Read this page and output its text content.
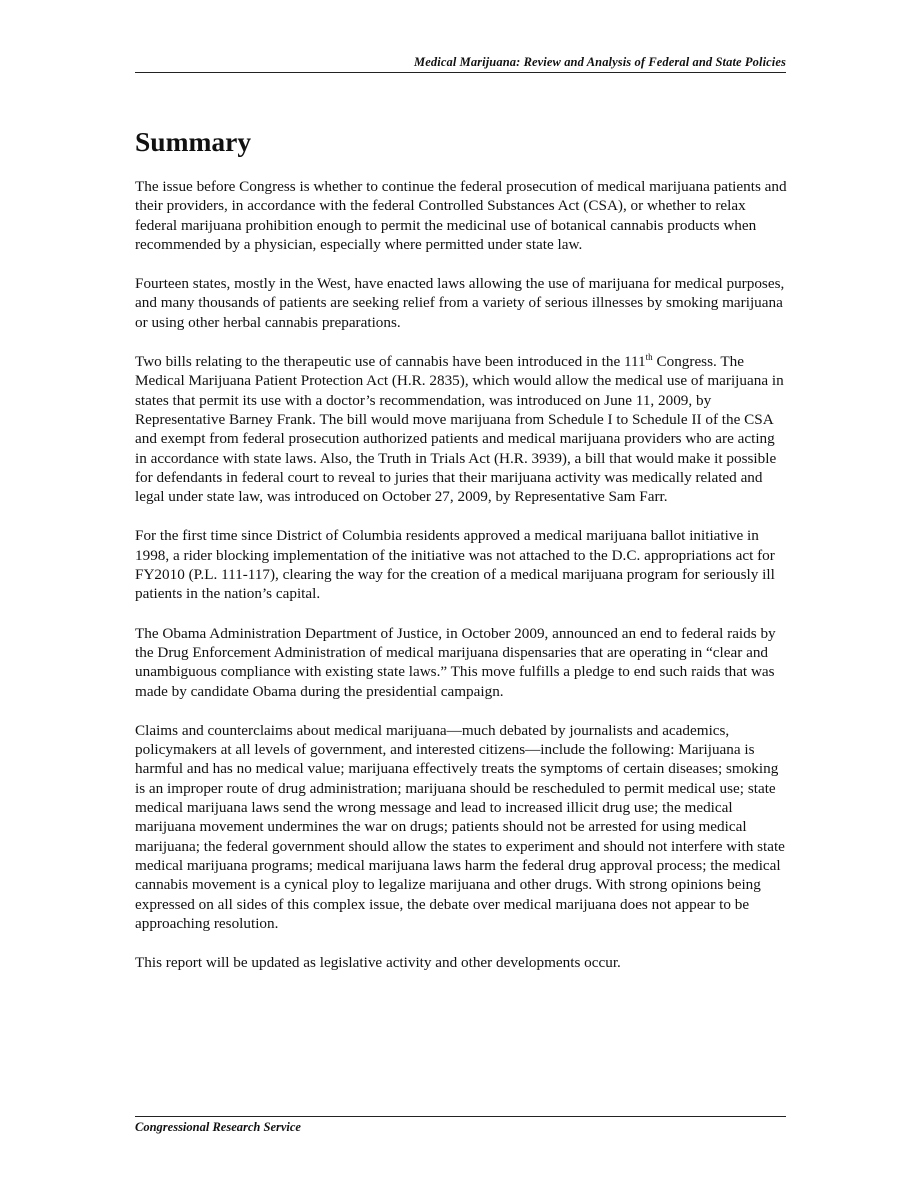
Medical Marijuana: Review and Analysis of Federal and State Policies
Summary

The issue before Congress is whether to continue the federal prosecution of medical marijuana patients and their providers, in accordance with the federal Controlled Substances Act (CSA), or whether to relax federal marijuana prohibition enough to permit the medicinal use of botanical cannabis products when recommended by a physician, especially where permitted under state law.

Fourteen states, mostly in the West, have enacted laws allowing the use of marijuana for medical purposes, and many thousands of patients are seeking relief from a variety of serious illnesses by smoking marijuana or using other herbal cannabis preparations.

Two bills relating to the therapeutic use of cannabis have been introduced in the 111th Congress. The Medical Marijuana Patient Protection Act (H.R. 2835), which would allow the medical use of marijuana in states that permit its use with a doctor’s recommendation, was introduced on June 11, 2009, by Representative Barney Frank. The bill would move marijuana from Schedule I to Schedule II of the CSA and exempt from federal prosecution authorized patients and medical marijuana providers who are acting in accordance with state laws. Also, the Truth in Trials Act (H.R. 3939), a bill that would make it possible for defendants in federal court to reveal to juries that their marijuana activity was medically related and legal under state law, was introduced on October 27, 2009, by Representative Sam Farr.

For the first time since District of Columbia residents approved a medical marijuana ballot initiative in 1998, a rider blocking implementation of the initiative was not attached to the D.C. appropriations act for FY2010 (P.L. 111-117), clearing the way for the creation of a medical marijuana program for seriously ill patients in the nation’s capital.

The Obama Administration Department of Justice, in October 2009, announced an end to federal raids by the Drug Enforcement Administration of medical marijuana dispensaries that are operating in “clear and unambiguous compliance with existing state laws.” This move fulfills a pledge to end such raids that was made by candidate Obama during the presidential campaign.

Claims and counterclaims about medical marijuana—much debated by journalists and academics, policymakers at all levels of government, and interested citizens—include the following: Marijuana is harmful and has no medical value; marijuana effectively treats the symptoms of certain diseases; smoking is an improper route of drug administration; marijuana should be rescheduled to permit medical use; state medical marijuana laws send the wrong message and lead to increased illicit drug use; the medical marijuana movement undermines the war on drugs; patients should not be arrested for using medical marijuana; the federal government should allow the states to experiment and should not interfere with state medical marijuana programs; medical marijuana laws harm the federal drug approval process; the medical cannabis movement is a cynical ploy to legalize marijuana and other drugs. With strong opinions being expressed on all sides of this complex issue, the debate over medical marijuana does not appear to be approaching resolution.

This report will be updated as legislative activity and other developments occur.

Congressional Research Service
